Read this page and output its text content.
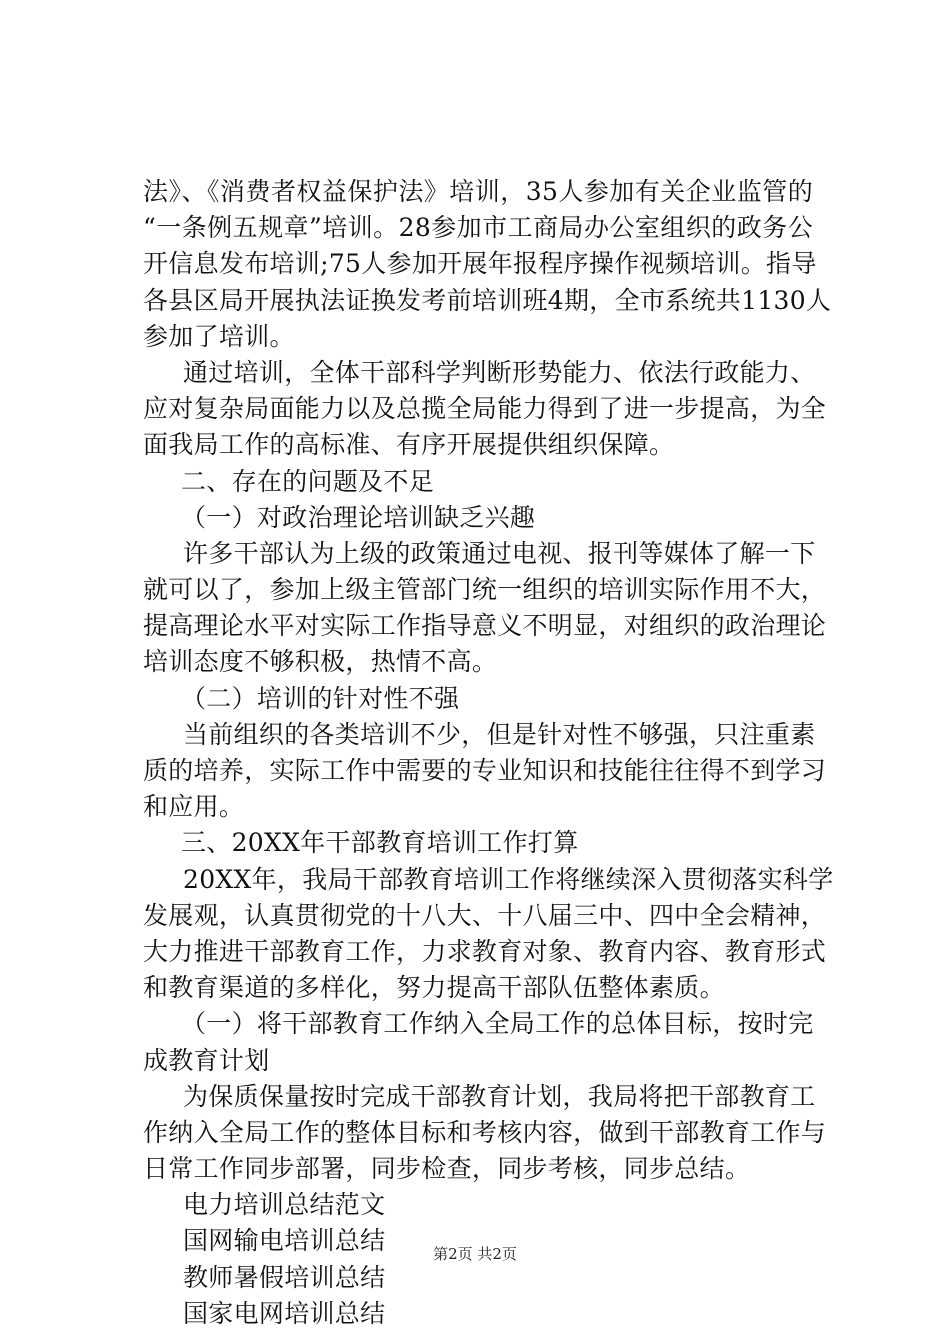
法》、《消费者权益保护法》培训，35人参加有关企业监管的
“一条例五规章”培训。28参加市工商局办公室组织的政务公
开信息发布培训;75人参加开展年报程序操作视频培训。指导
各县区局开展执法证换发考前培训班4期，全市系统共1130人
参加了培训。
通过培训，全体干部科学判断形势能力、依法行政能力、
应对复杂局面能力以及总揽全局能力得到了进一步提高，为全
面我局工作的高标准、有序开展提供组织保障。
二、存在的问题及不足
（一）对政治理论培训缺乏兴趣
许多干部认为上级的政策通过电视、报刊等媒体了解一下
就可以了，参加上级主管部门统一组织的培训实际作用不大，
提高理论水平对实际工作指导意义不明显，对组织的政治理论
培训态度不够积极，热情不高。
（二）培训的针对性不强
当前组织的各类培训不少，但是针对性不够强，只注重素
质的培养，实际工作中需要的专业知识和技能往往得不到学习
和应用。
三、20XX年干部教育培训工作打算
20XX年，我局干部教育培训工作将继续深入贯彻落实科学
发展观，认真贯彻党的十八大、十八届三中、四中全会精神，
大力推进干部教育工作，力求教育对象、教育内容、教育形式
和教育渠道的多样化，努力提高干部队伍整体素质。
（一）将干部教育工作纳入全局工作的总体目标，按时完
成教育计划
为保质保量按时完成干部教育计划，我局将把干部教育工
作纳入全局工作的整体目标和考核内容，做到干部教育工作与
日常工作同步部署，同步检查，同步考核，同步总结。
电力培训总结范文
国网输电培训总结
教师暑假培训总结
国家电网培训总结
第2页 共2页
